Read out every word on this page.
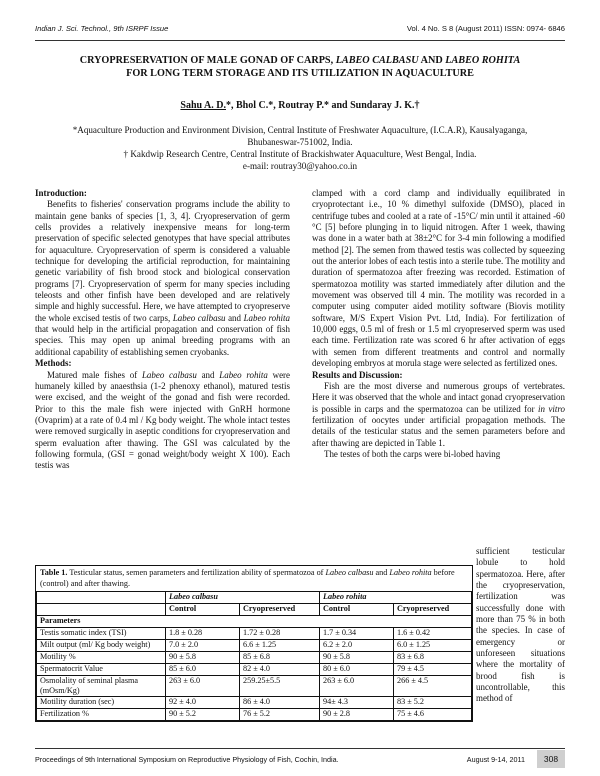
Indian J. Sci. Technol., 9th ISRPF Issue	Vol. 4 No. S 8 (August 2011) ISSN: 0974- 6846
CRYOPRESERVATION OF MALE GONAD OF CARPS, LABEO CALBASU AND LABEO ROHITA
FOR LONG TERM STORAGE AND ITS UTILIZATION IN AQUACULTURE
Sahu A. D.*, Bhol C.*, Routray P.* and Sundaray J. K.†
*Aquaculture Production and Environment Division, Central Institute of Freshwater Aquaculture, (I.C.A.R), Kausalyaganga, Bhubaneswar-751002, India.
† Kakdwip Research Centre, Central Institute of Brackishwater Aquaculture, West Bengal, India.
e-mail: routray30@yahoo.co.in
Introduction:

Benefits to fisheries' conservation programs include the ability to maintain gene banks of species [1, 3, 4]. Cryopreservation of germ cells provides a relatively inexpensive means for long-term preservation of specific selected genotypes that have special attributes for aquaculture. Cryopreservation of sperm is considered a valuable technique for developing the artificial reproduction, for maintaining genetic variability of fish brood stock and biological conservation programs [7]. Cryopreservation of sperm for many species including teleosts and other finfish have been developed and are relatively simple and highly successful. Here, we have attempted to cryopreserve the whole excised testis of two carps, Labeo calbasu and Labeo rohita that would help in the artificial propagation and conservation of fish species. This may open up animal breeding programs with an additional capability of establishing semen cryobanks.

Methods:

Matured male fishes of Labeo calbasu and Labeo rohita were humanely killed by anaesthsia (1-2 phenoxy ethanol), matured testis were excised, and the weight of the gonad and fish were recorded. Prior to this the male fish were injected with GnRH hormone (Ovaprim) at a rate of 0.4 ml / Kg body weight. The whole intact testes were removed surgically in aseptic conditions for cryopreservation and sperm evaluation after thawing. The GSI was calculated by the following formula, (GSI = gonad weight/body weight X 100). Each testis was

clamped with a cord clamp and individually equilibrated in cryoprotectant i.e., 10 % dimethyl sulfoxide (DMSO), placed in centrifuge tubes and cooled at a rate of -15°C/ min until it attained -60 °C [5] before plunging in to liquid nitrogen. After 1 week, thawing was done in a water bath at 38±2°C for 3-4 min following a modified method [2]. The semen from thawed testis was collected by squeezing out the anterior lobes of each testis into a sterile tube. The motility and duration of spermatozoa after freezing was recorded. Estimation of spermatozoa motility was started immediately after dilution and the movement was observed till 4 min. The motility was recorded in a computer using computer aided motility software (Biovis motility software, M/S Expert Vision Pvt. Ltd, India). For fertilization of 10,000 eggs, 0.5 ml of fresh or 1.5 ml cryopreserved sperm was used each time. Fertilization rate was scored 6 hr after activation of eggs with semen from different treatments and control and normally developing embryos at morula stage were selected as fertilized ones.

Results and Discussion:

Fish are the most diverse and numerous groups of vertebrates. Here it was observed that the whole and intact gonad cryopreservation is possible in carps and the spermatozoa can be utilized for in vitro fertilization of oocytes under artificial propagation methods. The details of the testicular status and the semen parameters before and after thawing are depicted in Table 1.

The testes of both the carps were bi-lobed having

sufficient testicular lobule to hold spermatozoa. Here, after the cryopreservation, fertilization was successfully done with more than 75 % in both the species. In case of emergency or unforeseen situations where the mortality of brood fish is uncontrollable, this method of

Table 1. Testicular status, semen parameters and fertilization ability of spermatozoa of Labeo calbasu and Labeo rohita before (control) and after thawing.
	Labeo calbasu		Labeo rohita	
	Control	Cryopreserved	Control	Cryopreserved
Parameters				
Testis somatic index (TSI)	1.8 ± 0.28	1.72 ± 0.28	1.7 ± 0.34	1.6 ± 0.42
Milt output (ml/ Kg body weight)	7.0 ± 2.0	6.6 ± 1.25	6.2 ± 2.0	6.0 ± 1.25
Motility %	90 ± 5.8	85 ± 6.8	90 ± 5.8	83 ± 6.8
Spermatocrit Value	85 ± 6.0	82 ± 4.0	80 ± 6.0	79 ± 4.5
Osmolality of seminal plasma (mOsm/Kg)	263 ± 6.0	259.25±5.5	263 ± 6.0	266 ± 4.5
Motility duration (sec)	92 ± 4.0	86 ± 4.0	94± 4.3	83 ± 5.2
Fertilization %	90 ± 5.2	76 ± 5.2	90 ± 2.8	75 ± 4.6
Proceedings of 9th International Symposium on Reproductive Physiology of Fish, Cochin, India.	August 9-14, 2011	308
